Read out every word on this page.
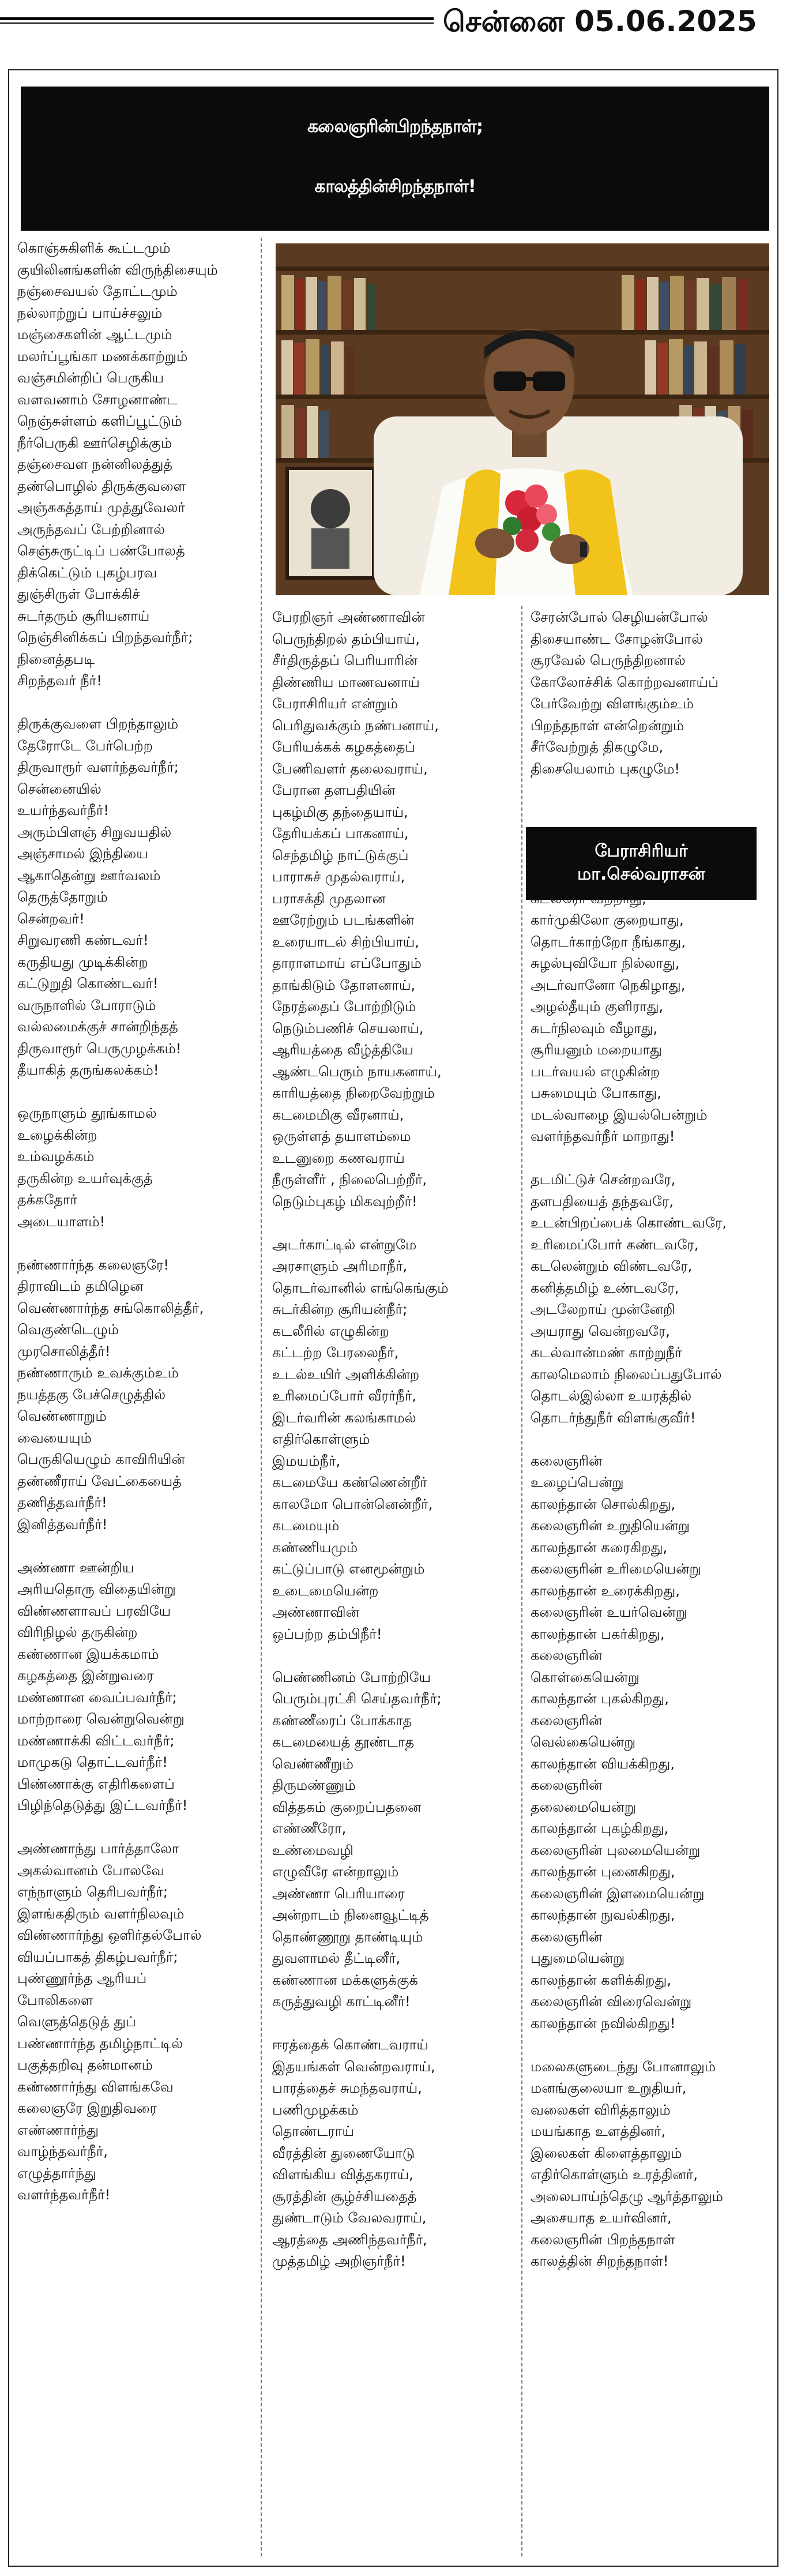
சென்னை 05.06.2025
கலைஞரின்பிறந்தநாள்;
காலத்தின்சிறந்தநாள்!
கொஞ்சுகிளிக் கூட்டமும்
குயிலினங்களின் விருந்திசையும்
நஞ்சைவயல் தோட்டமும்
நல்லாற்றுப் பாய்ச்சலும்
மஞ்சைகளின் ஆட்டமும்
மலர்ப்பூங்கா மணக்காற்றும்
வஞ்சமின்றிப் பெருகிய
வளவனாம் சோழனாண்ட
நெஞ்சுள்ளம் களிப்பூட்டும்
நீர்பெருகி ஊர்செழிக்கும்
தஞ்சைவள நன்னிலத்துத்
தண்பொழில் திருக்குவளை
அஞ்சுகத்தாய் முத்துவேலர்
அருந்தவப் பேற்றினால்
செஞ்சுருட்டிப் பண்போலத்
திக்கெட்டும் புகழ்பரவ
துஞ்சிருள் போக்கிச்
சுடர்தரும் சூரியனாய்
நெஞ்சினிக்கப் பிறந்தவர்நீர்;
நினைத்தபடி
சிறந்தவர் நீர்!
திருக்குவளை பிறந்தாலும்
தேரோடே பேர்பெற்ற
திருவாரூர் வளர்ந்தவர்நீர்;
சென்னையில்
உயர்ந்தவர்நீர்!
அரும்பிளஞ் சிறுவயதில்
அஞ்சாமல் இந்தியை
ஆகாதென்று ஊர்வலம்
தெருத்தோறும்
சென்றவர்!
சிறுவரணி கண்டவர்!
கருதியது முடிக்கின்ற
கட்டுறுதி கொண்டவர்!
வருநாளில் போராடும்
வல்லமைக்குச் சான்றிந்தத்
திருவாரூர் பெருமுழக்கம்!
தீயாகித் தருங்கலக்கம்!
ஒருநாளும் தூங்காமல்
உழைக்கின்ற
உம்வழக்கம்
தருகின்ற உயர்வுக்குத்
தக்கதோர்
அடையாளம்!
நண்ணார்ந்த கலைஞரே!
திராவிடம் தமிழென
வெண்ணார்ந்த சங்கொலித்தீர்,
வெகுண்டெழும்
முரசொலித்தீர்!
நண்ணாரும் உவக்கும்உம்
நயத்தகு பேச்செழுத்தில்
வெண்ணாறும்
வையையும்
பெருகியெழும் காவிரியின்
தண்ணீராய் வேட்கையைத்
தணித்தவர்நீர்!
இனித்தவர்நீர்!
அண்ணா ஊன்றிய
அரியதொரு விதையின்று
விண்ணளாவப் பரவியே
விரிநிழல் தருகின்ற
கண்ணான இயக்கமாம்
கழகத்தை இன்றுவரை
மண்ணான வைப்பவர்நீர்;
மாற்றாரை வென்றுவென்று
மண்ணாக்கி விட்டவர்நீர்;
மாமுகடு தொட்டவர்நீர்!
பிண்ணாக்கு எதிரிகளைப்
பிழிந்தெடுத்து இட்டவர்நீர்!
அண்ணாந்து பார்த்தாலோ
அகல்வானம் போலவே
எந்நாளும் தெரிபவர்நீர்;
இளங்கதிரும் வளர்நிலவும்
விண்ணார்ந்து ஒளிர்தல்போல்
வியப்பாகத் திகழ்பவர்நீர்;
புண்ணூர்ந்த ஆரியப்
போலிகளை
வெளுத்தெடுத் துப்
பண்ணார்ந்த தமிழ்நாட்டில்
பகுத்தறிவு தன்மானம்
கண்ணார்ந்து விளங்கவே
கலைஞரே இறுதிவரை
எண்ணார்ந்து
வாழ்ந்தவர்நீர்,
எழுத்தார்ந்து
வளர்ந்தவர்நீர்!
பேரறிஞர் அண்ணாவின்
பெருந்திறல் தம்பியாய்,
சீர்திருத்தப் பெரியாரின்
திண்ணிய மாணவனாய்
பேராசிரியர் என்றும்
பெரிதுவக்கும் நண்பனாய்,
பேரியக்கக் கழகத்தைப்
பேணிவளர் தலைவராய்,
பேரான தளபதியின்
புகழ்மிகு தந்தையாய்,
தேரியக்கப் பாகனாய்,
செந்தமிழ் நாட்டுக்குப்
பாராசுச் முதல்வராய்,
பராசக்தி முதலான
ஊரேற்றும் படங்களின்
உரையாடல் சிற்பியாய்,
தாராளமாய் எப்போதும்
தாங்கிடும் தோளனாய்,
நேரத்தைப் போற்றிடும்
நெடும்பணிச் செயலாய்,
ஆரியத்தை வீழ்த்தியே
ஆண்டபெரும் நாயகனாய்,
காரியத்தை நிறைவேற்றும்
கடமைமிகு வீரனாய்,
ஒருள்ளத் தயாளம்மை
உடனுறை கணவராய்
நீருள்ளீர் , நிலைபெற்றீர்,
நெடும்புகழ் மிகவுற்றீர்!
அடர்காட்டில் என்றுமே
அரசாளும் அரிமாநீர்,
தொடர்வானில் எங்கெங்கும்
சுடர்கின்ற சூரியன்நீர்;
கடலீரில் எழுகின்ற
கட்டற்ற பேரலைநீர்,
உடல்உயிர் அளிக்கின்ற
உரிமைப்போர் வீரர்நீர்,
இடர்வரின் கலங்காமல்
எதிர்கொள்ளும்
இமயம்நீர்,
கடமையே கண்ணென்றீர்
காலமோ பொன்னென்றீர்,
கடமையும்
கண்ணியமும்
கட்டுப்பாடு எனமூன்றும்
உடைமையென்ற
அண்ணாவின்
ஒப்பற்ற தம்பிநீர்!
பெண்ணினம் போற்றியே
பெரும்புரட்சி செய்தவர்நீர்;
கண்ணீரைப் போக்காத
கடமையைத் தூண்டாத
வெண்ணீறும்
திருமண்ணும்
வித்தகம் குறைப்பதனை
எண்ணீரோ,
உண்மைவழி
எழுவீரே என்றாலும்
அண்ணா பெரியாரை
அன்றாடம் நினைவூட்டித்
தொண்ணூறு தாண்டியும்
துவளாமல் தீட்டினீர்,
கண்ணான மக்களுக்குக்
கருத்துவழி காட்டினீர்!
ஈரத்தைக் கொண்டவராய்
இதயங்கள் வென்றவராய்,
பாரத்தைச் சுமந்தவராய்,
பணிமுழக்கம்
தொண்டராய்
வீரத்தின் துணையோடு
விளங்கிய வித்தகராய்,
சூரத்தின் சூழ்ச்சியதைத்
துண்டாடும் வேலவராய்,
ஆரத்தை அணிந்தவர்நீர்,
முத்தமிழ் அறிஞர்நீர்!
சேரன்போல் செழியன்போல்
திசையாண்ட சோழன்போல்
சூரவேல் பெருந்திறனால்
கோலோச்சிக் கொற்றவனாய்ப்
பேர்வேற்று விளங்கும்உம்
பிறந்தநாள் என்றென்றும்
சீர்வேற்றுத் திகழுமே,
திசையெலாம் புகழுமே!
கார்முகிலோ குறையாது,
தொடர்காற்றோ நீங்காது,
சுழல்புவியோ நில்லாது,
அடர்வானோ நெகிழாது,
அழல்தீயும் குளிராது,
சுடர்நிலவும் வீழாது,
சூரியனும் மறையாது
படர்வயல் எழுகின்ற
பசுமையும் போகாது,
மடல்வாழை இயல்பென்றும்
வளர்ந்தவர்நீர் மாறாது!
தடமிட்டுச் சென்றவரே,
தளபதியைத் தந்தவரே,
உடன்பிறப்பைக் கொண்டவரே,
உரிமைப்போர் கண்டவரே,
கடலென்றும் விண்டவரே,
கனித்தமிழ் உண்டவரே,
அடலேறாய் முன்னேறி
அயராது வென்றவரே,
கடல்வான்மண் காற்றுநீர்
காலமெலாம் நிலைப்பதுபோல்
தொடல்இல்லா உயரத்தில்
தொடர்ந்துநீர் விளங்குவீர்!
கலைஞரின்
உழைப்பென்று
காலந்தான் சொல்கிறது,
கலைஞரின் உறுதியென்று
காலந்தான் கரைகிறது,
கலைஞரின் உரிமையென்று
காலந்தான் உரைக்கிறது,
கலைஞரின் உயர்வென்று
காலந்தான் பகர்கிறது,
கலைஞரின்
கொள்கையென்று
காலந்தான் புகல்கிறது,
கலைஞரின்
வெல்கையென்று
காலந்தான் வியக்கிறது,
கலைஞரின்
தலைமையென்று
காலந்தான் புகழ்கிறது,
கலைஞரின் புலமையென்று
காலந்தான் புனைகிறது,
கலைஞரின் இளமையென்று
காலந்தான் நுவல்கிறது,
கலைஞரின்
புதுமையென்று
காலந்தான் களிக்கிறது,
கலைஞரின் விரைவென்று
காலந்தான் நவில்கிறது!
மலைகளுடைந்து போனாலும்
மனங்குலையா உறுதியர்,
வலைகள் விரித்தாலும்
மயங்காத உளத்தினர்,
இலைகள் கிளைத்தாலும்
எதிர்கொள்ளும் உரத்தினர்,
அலைபாய்ந்தெழு ஆர்த்தாலும்
அசையாத உயர்வினர்,
கலைஞரின் பிறந்தநாள்
காலத்தின் சிறந்தநாள்!
பேராசிரியர்
மா.செல்வராசன்
